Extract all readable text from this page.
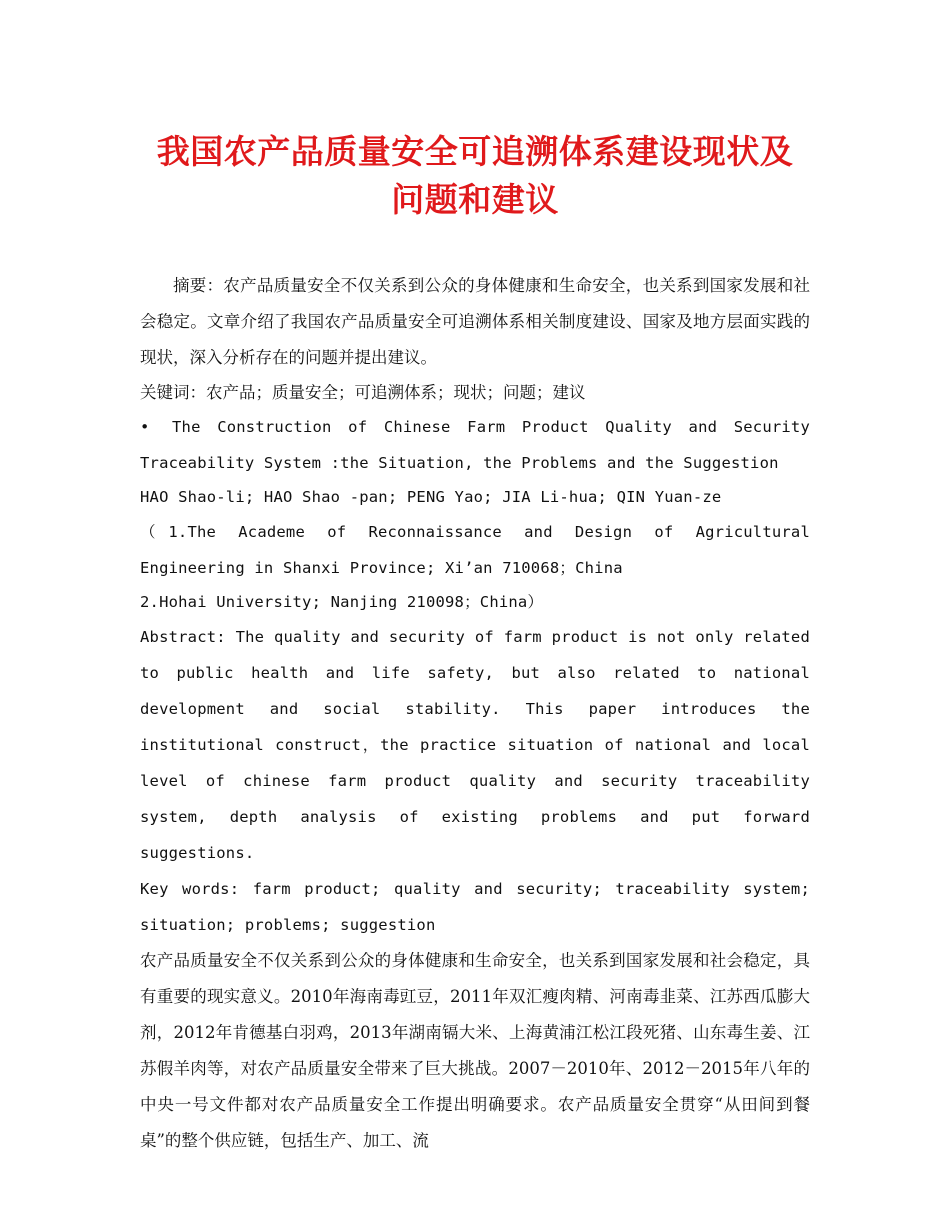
我国农产品质量安全可追溯体系建设现状及
问题和建议

摘要：农产品质量安全不仅关系到公众的身体健康和生命安全，也关系到国家发展和社会稳定。文章介绍了我国农产品质量安全可追溯体系相关制度建设、国家及地方层面实践的现状，深入分析存在的问题并提出建议。

关键词：农产品；质量安全；可追溯体系；现状；问题；建议

• The Construction of Chinese Farm Product Quality and Security Traceability System :the Situation, the Problems and the Suggestion

HAO Shao-li; HAO Shao -pan; PENG Yao; JIA Li-hua; QIN Yuan-ze

（1.The Academe of Reconnaissance and Design of Agricultural Engineering in Shanxi Province; Xi’an 710068；China

2.Hohai University; Nanjing 210098；China）

Abstract: The quality and security of farm product is not only related to public health and life safety, but also related to national development and social stability. This paper introduces the institutional construct，the practice situation of national and local level of chinese farm product quality and security traceability system, depth analysis of existing problems and put forward suggestions.

Key words: farm product; quality and security; traceability system; situation; problems; suggestion

农产品质量安全不仅关系到公众的身体健康和生命安全，也关系到国家发展和社会稳定，具有重要的现实意义。2010年海南毒豇豆，2011年双汇瘦肉精、河南毒韭菜、江苏西瓜膨大剂，2012年肯德基白羽鸡，2013年湖南镉大米、上海黄浦江松江段死猪、山东毒生姜、江苏假羊肉等，对农产品质量安全带来了巨大挑战。2007－2010年、2012－2015年八年的中央一号文件都对农产品质量安全工作提出明确要求。农产品质量安全贯穿“从田间到餐桌”的整个供应链，包括生产、加工、流
